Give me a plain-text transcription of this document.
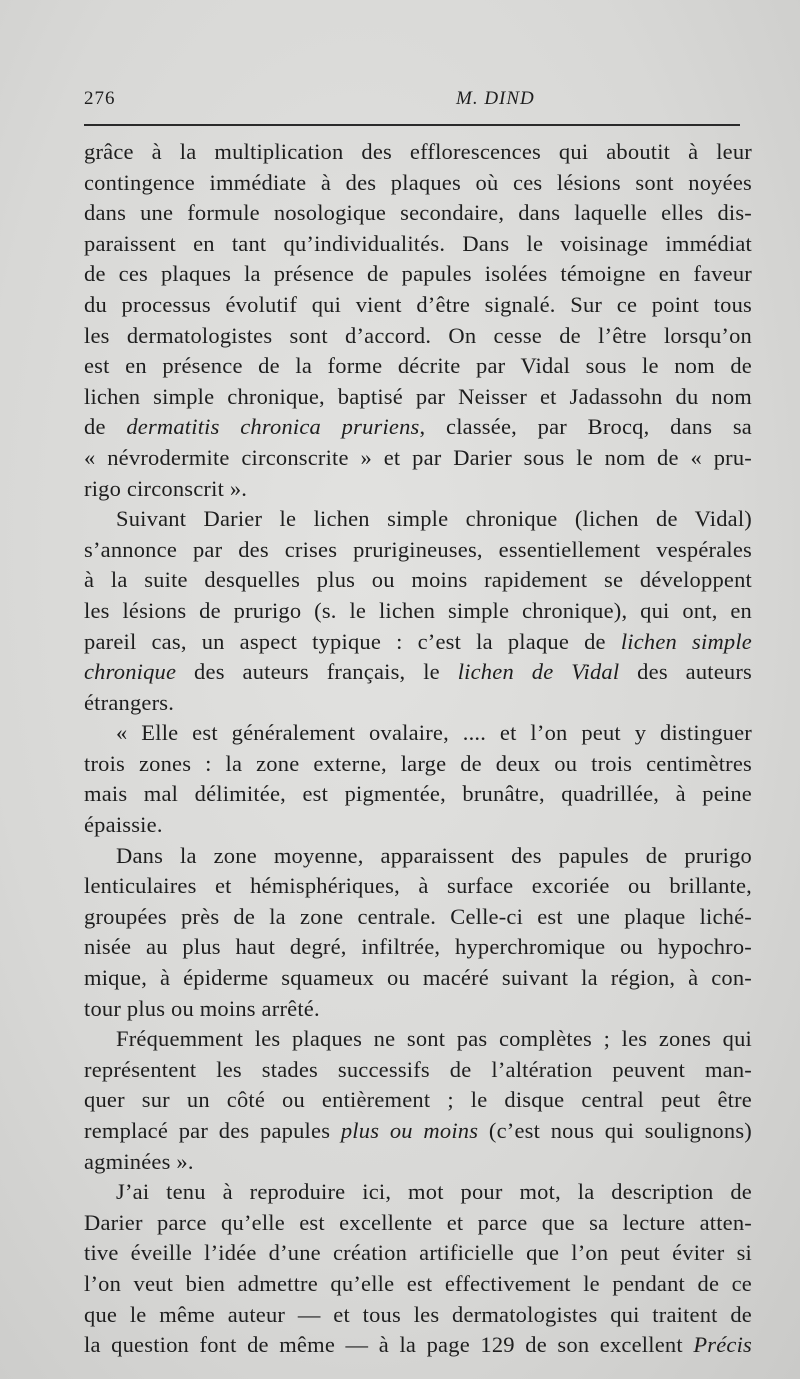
276	M. DIND
grâce à la multiplication des efflorescences qui aboutit à leur
contingence immédiate à des plaques où ces lésions sont noyées
dans une formule nosologique secondaire, dans laquelle elles dis-
paraissent en tant qu’individualités. Dans le voisinage immédiat
de ces plaques la présence de papules isolées témoigne en faveur
du processus évolutif qui vient d’être signalé. Sur ce point tous
les dermatologistes sont d’accord. On cesse de l’être lorsqu’on
est en présence de la forme décrite par Vidal sous le nom de
lichen simple chronique, baptisé par Neisser et Jadassohn du nom
de dermatitis chronica pruriens, classée, par Brocq, dans sa
« névrodermite circonscrite » et par Darier sous le nom de « pru-
rigo circonscrit ».
Suivant Darier le lichen simple chronique (lichen de Vidal)
s’annonce par des crises prurigineuses, essentiellement vespérales
à la suite desquelles plus ou moins rapidement se développent
les lésions de prurigo (s. le lichen simple chronique), qui ont, en
pareil cas, un aspect typique : c’est la plaque de lichen simple
chronique des auteurs français, le lichen de Vidal des auteurs
étrangers.
« Elle est généralement ovalaire, .... et l’on peut y distinguer
trois zones : la zone externe, large de deux ou trois centimètres
mais mal délimitée, est pigmentée, brunâtre, quadrillée, à peine
épaissie.
Dans la zone moyenne, apparaissent des papules de prurigo
lenticulaires et hémisphériques, à surface excoriée ou brillante,
groupées près de la zone centrale. Celle-ci est une plaque liché-
nisée au plus haut degré, infiltrée, hyperchromique ou hypochro-
mique, à épiderme squameux ou macéré suivant la région, à con-
tour plus ou moins arrêté.
Fréquemment les plaques ne sont pas complètes ; les zones qui
représentent les stades successifs de l’altération peuvent man-
quer sur un côté ou entièrement ; le disque central peut être
remplacé par des papules plus ou moins (c’est nous qui soulignons)
agminées ».
J’ai tenu à reproduire ici, mot pour mot, la description de
Darier parce qu’elle est excellente et parce que sa lecture atten-
tive éveille l’idée d’une création artificielle que l’on peut éviter si
l’on veut bien admettre qu’elle est effectivement le pendant de ce
que le même auteur — et tous les dermatologistes qui traitent de
la question font de même — à la page 129 de son excellent Précis
